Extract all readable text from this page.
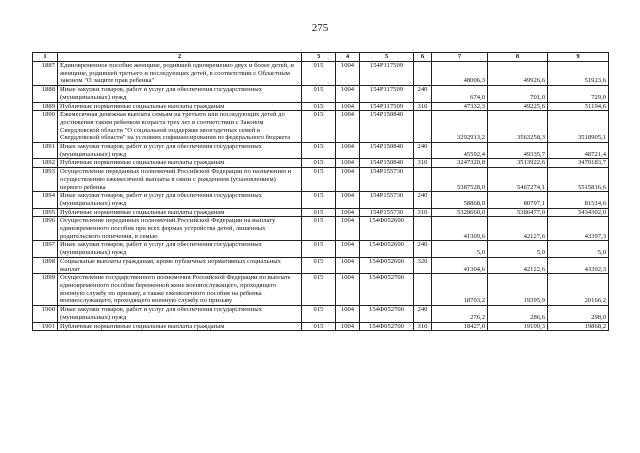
275
1	2	3	4	5	6	7	8	9
1887	Единовременное пособие женщине, родившей одновременно двух и более детей, и женщине, родившей третьего и последующих детей, в соответствии с Областным законом "О защите прав ребенка"	015	1004	154P117509		48006,3	49926,6	51923,6
1888	Иные закупки товаров, работ и услуг для обеспечения государственных (муниципальных) нужд	015	1004	154P117509	240	674,0	701,0	729,0
1889	Публичные нормативные социальные выплаты гражданам	015	1004	154P117509	310	47332,3	49225,6	51194,6
1890	Ежемесячная денежная выплата семьям на третьего или последующих детей до достижения таким ребенком возраста трех лет в соответствии с Законом Свердловской области "О социальной поддержке многодетных семей в Свердловской области" на условиях софинансирования из федерального бюджета	015	1004	154P150840		3292913,2	3563258,3	3518905,1
1891	Иные закупки товаров, работ и услуг для обеспечения государственных (муниципальных) нужд	015	1004	154P150840	240	45592,4	49335,7	48721,4
1892	Публичные нормативные социальные выплаты гражданам	015	1004	154P150840	310	3247320,8	3513922,6	3470183,7
1893	Осуществление переданных полномочий Российской Федерации по назначению и осуществлению ежемесячной выплаты в связи с рождением (усыновлением) первого ребенка	015	1004	154P155730		5387528,0	5467274,1	5515816,6
1894	Иные закупки товаров, работ и услуг для обеспечения государственных (муниципальных) нужд	015	1004	154P155730	240	58868,0	80797,1	81514,6
1895	Публичные нормативные социальные выплаты гражданам	015	1004	154P155730	310	5328660,0	5386477,0	5434302,0
1896	Осуществление переданных полномочий Российской Федерации на выплату единовременного пособия при всех формах устройства детей, лишенных родительского попечения, в семью	015	1004	154Ф052600		41309,6	42127,6	43397,3
1897	Иные закупки товаров, работ и услуг для обеспечения государственных (муниципальных) нужд	015	1004	154Ф052600	240	5,0	5,0	5,0
1898	Социальные выплаты гражданам, кроме публичных нормативных социальных выплат	015	1004	154Ф052600	320	41304,6	42122,6	43392,3
1899	Осуществление государственного полномочия Российской Федерации по выплате единовременного пособия беременной жене военнослужащего, проходящего военную службу по призыву, а также ежемесячного пособия на ребенка военнослужащего, проходящего военную службу по призыву	015	1004	154Ф052700		18703,2	19395,9	20166,2
1900	Иные закупки товаров, работ и услуг для обеспечения государственных (муниципальных) нужд	015	1004	154Ф052700	240	276,2	286,6	298,0
1901	Публичные нормативные социальные выплаты гражданам	015	1004	154Ф052700	310	18427,0	19109,3	19868,2
